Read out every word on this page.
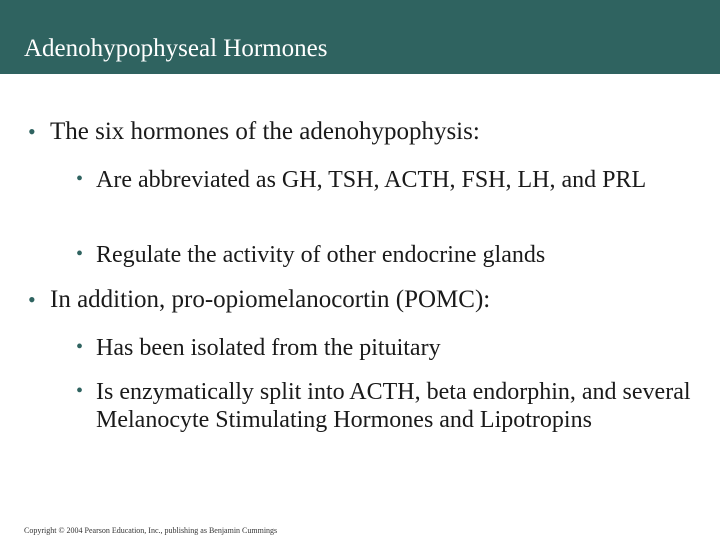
Adenohypophyseal Hormones
• The six hormones of the adenohypophysis:
• Are abbreviated as GH, TSH, ACTH, FSH, LH, and PRL
• Regulate the activity of other endocrine glands
• In addition, pro-opiomelanocortin (POMC):
• Has been isolated from the pituitary
• Is enzymatically split into ACTH, beta endorphin, and several Melanocyte Stimulating Hormones and Lipotropins
Copyright © 2004 Pearson Education, Inc., publishing as Benjamin Cummings
